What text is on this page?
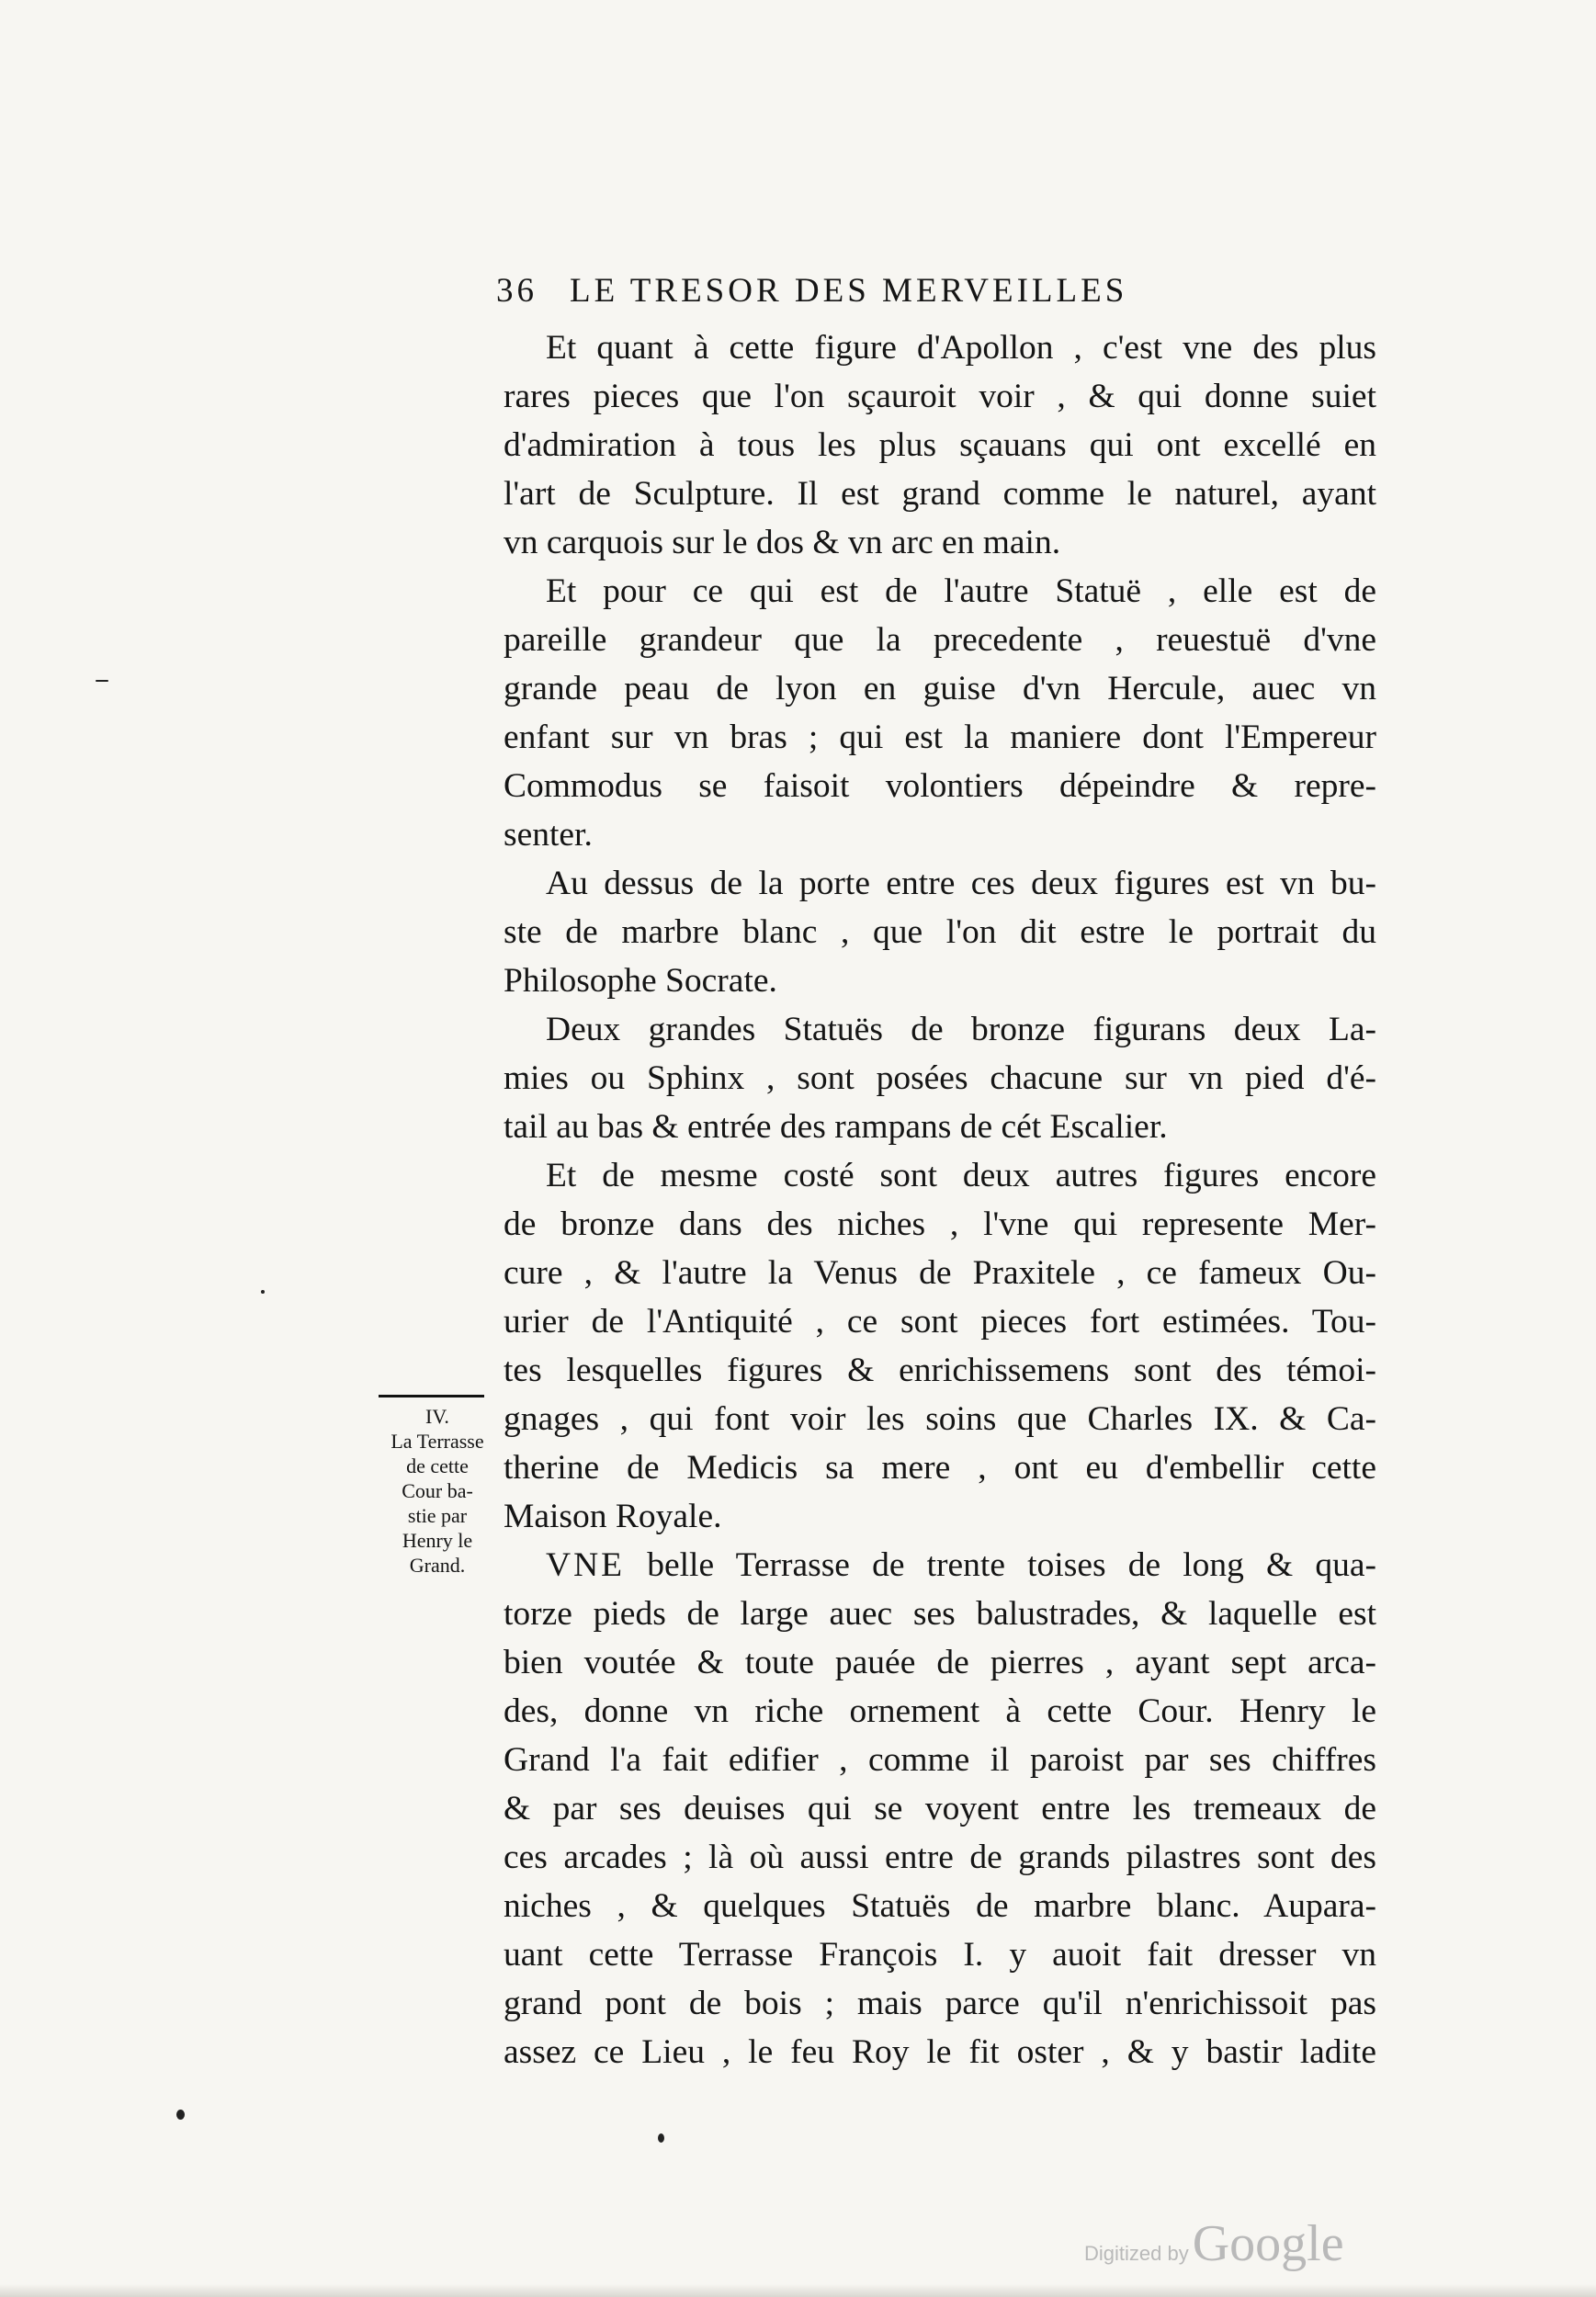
36 LE TRESOR DES MERVEILLES
Et quant à cette figure d'Apollon , c'est vne des plus
rares pieces que l'on sçauroit voir , & qui donne suiet
d'admiration à tous les plus sçauans qui ont excellé en
l'art de Sculpture. Il est grand comme le naturel, ayant
vn carquois sur le dos & vn arc en main.
Et pour ce qui est de l'autre Statuë , elle est de
pareille grandeur que la precedente , reuestuë d'vne
grande peau de lyon en guise d'vn Hercule, auec vn
enfant sur vn bras ; qui est la maniere dont l'Empereur
Commodus se faisoit volontiers dépeindre & repre-
senter.
Au dessus de la porte entre ces deux figures est vn bu-
ste de marbre blanc , que l'on dit estre le portrait du
Philosophe Socrate.
Deux grandes Statuës de bronze figurans deux La-
mies ou Sphinx , sont posées chacune sur vn pied d'é-
tail au bas & entrée des rampans de cét Escalier.
Et de mesme costé sont deux autres figures encore
de bronze dans des niches , l'vne qui represente Mer-
cure , & l'autre la Venus de Praxitele , ce fameux Ou-
urier de l'Antiquité , ce sont pieces fort estimées. Tou-
tes lesquelles figures & enrichissemens sont des témoi-
gnages , qui font voir les soins que Charles IX. & Ca-
therine de Medicis sa mere , ont eu d'embellir cette
Maison Royale.
VNE belle Terrasse de trente toises de long & qua-
torze pieds de large auec ses balustrades, & laquelle est
bien voutée & toute pauée de pierres , ayant sept arca-
des, donne vn riche ornement à cette Cour. Henry le
Grand l'a fait edifier , comme il paroist par ses chiffres
& par ses deuises qui se voyent entre les tremeaux de
ces arcades ; là où aussi entre de grands pilastres sont des
niches , & quelques Statuës de marbre blanc. Aupara-
uant cette Terrasse François I. y auoit fait dresser vn
grand pont de bois ; mais parce qu'il n'enrichissoit pas
assez ce Lieu , le feu Roy le fit oster , & y bastir ladite
IV.
La Terrasse
de cette
Cour ba-
stie par
Henry le
Grand.
Digitized byGoogle
